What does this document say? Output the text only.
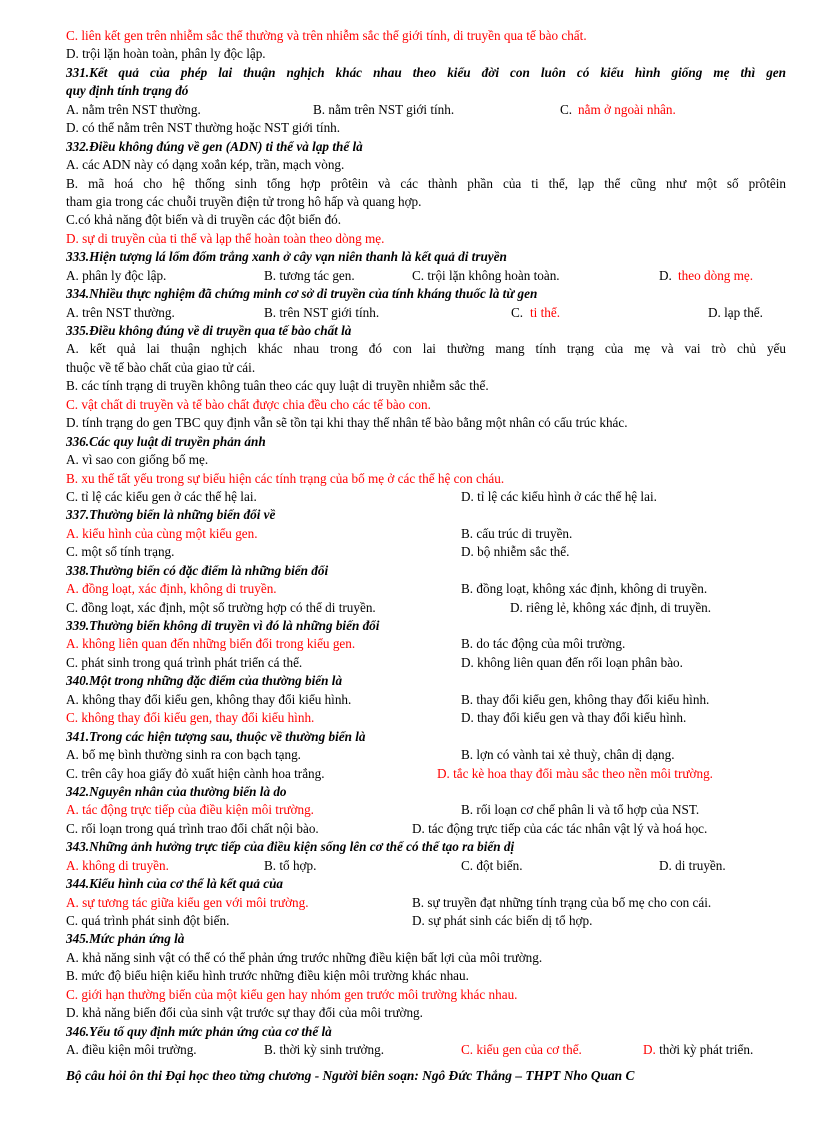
C. liên kết gen trên nhiễm sắc thể thường và trên nhiễm sắc thể giới tính, di truyền qua tế bào chất.
D. trội lặn hoàn toàn, phân ly độc lập.
331.Kết quả của phép lai thuận nghịch khác nhau theo kiểu đời con luôn có kiểu hình giống mẹ thì gen
quy định tính trạng đó
A. nằm trên NST thường.	B. nằm trên NST giới tính.	C. nằm ở ngoài nhân.
D. có thể nằm trên NST thường hoặc NST giới tính.
332.Điều không đúng về gen (ADN) ti thể và lạp thể là
A. các ADN này có dạng xoắn kép, trần, mạch vòng.
B. mã hoá cho hệ thống sinh tổng hợp prôtêin và các thành phần của ti thể, lạp thể cũng như một số prôtêin
tham gia trong các chuỗi truyền điện tử trong hô hấp và quang hợp.
C.có khả năng đột biến và di truyền các đột biến đó.
D. sự di truyền của ti thể và lạp thể hoàn toàn theo dòng mẹ.
333.Hiện tượng lá lốm đốm trắng xanh ở cây vạn niên thanh là kết quả di truyền
A. phân ly độc lập.	B. tương tác gen.	C. trội lặn không hoàn toàn.	D. theo dòng mẹ.
334.Nhiều thực nghiệm đã chứng minh cơ sở di truyền của tính kháng thuốc là từ gen
A. trên NST thường.	B. trên NST giới tính.	C. ti thể.	D. lạp thể.
335.Điều không đúng về di truyền qua tế bào chất là
A. kết quả lai thuận nghịch khác nhau trong đó con lai thường mang tính trạng của mẹ và vai trò chủ yếu
thuộc về tế bào chất của giao tử cái.
B. các tính trạng di truyền không tuân theo các quy luật di truyền nhiễm sắc thể.
C. vật chất di truyền và tế bào chất được chia đều cho các tế bào con.
D. tính trạng do gen TBC quy định vẫn sẽ tồn tại khi thay thế nhân tế bào bằng một nhân có cấu trúc khác.
336.Các quy luật di truyền phản ánh
A. vì sao con giống bố mẹ.
B. xu thế tất yếu trong sự biểu hiện các tính trạng của bố mẹ ở các thế hệ con cháu.
C. tỉ lệ các kiểu gen ở các thế hệ lai.	D. tỉ lệ các kiểu hình ở các thế hệ lai.
337.Thường biến là những biến đổi về
A. kiểu hình của cùng một kiểu gen.	B. cấu trúc di truyền.
C. một số tính trạng.	D. bộ nhiễm sắc thể.
338.Thường biến có đặc điểm là những biến đổi
A. đồng loạt, xác định, không di truyền.	B. đồng loạt, không xác định, không di truyền.
C. đồng loạt, xác định, một số trường hợp có thể di truyền.	D. riêng lẻ, không xác định, di truyền.
339.Thường biến không di truyền vì đó là những biến đổi
A. không liên quan đến những biến đổi trong kiểu gen.	B. do tác động của môi trường.
C. phát sinh trong quá trình phát triển cá thể.	D. không liên quan đến rối loạn phân bào.
340.Một trong những đặc điểm của thường biến là
A. không thay đổi kiểu gen, không thay đổi kiểu hình.	B. thay đổi kiểu gen, không thay đổi kiểu hình.
C. không thay đổi kiểu gen, thay đổi kiểu hình.	D. thay đổi kiểu gen và thay đổi kiểu hình.
341.Trong các hiện tượng sau, thuộc về thường biến là
A. bố mẹ bình thường sinh ra con bạch tạng.	B. lợn có vành tai xẻ thuỳ, chân dị dạng.
C. trên cây hoa giấy đỏ xuất hiện cành hoa trắng.	D. tắc kè hoa thay đổi màu sắc theo nền môi trường.
342.Nguyên nhân của thường biến là do
A. tác động trực tiếp của điều kiện môi trường.	B. rối loạn cơ chế phân li và tổ hợp của NST.
C. rối loạn trong quá trình trao đổi chất nội bào.	D. tác động trực tiếp của các tác nhân vật lý và hoá học.
343.Những ảnh hưởng trực tiếp của điều kiện sống lên cơ thể có thể tạo ra biến dị
A. không di truyền.	B. tổ hợp.	C. đột biến.	D. di truyền.
344.Kiểu hình của cơ thể là kết quả của
A. sự tương tác giữa kiểu gen với môi trường.	B. sự truyền đạt những tính trạng của bố mẹ cho con cái.
C. quá trình phát sinh đột biến.	D. sự phát sinh các biến dị tổ hợp.
345.Mức phản ứng là
A. khả năng sinh vật có thể có thể phản ứng trước những điều kiện bất lợi của môi trường.
B. mức độ biểu hiện kiểu hình trước những điều kiện môi trường khác nhau.
C. giới hạn thường biến của một kiểu gen hay nhóm gen trước môi trường khác nhau.
D. khả năng biến đổi của sinh vật trước sự thay đổi của môi trường.
346.Yếu tố quy định mức phản ứng của cơ thể là
A. điều kiện môi trường.	B. thời kỳ sinh trưởng.	C. kiểu gen của cơ thể.	D. thời kỳ phát triển.
Bộ câu hỏi ôn thi Đại học theo từng chương - Người biên soạn: Ngô Đức Thắng – THPT Nho Quan C
